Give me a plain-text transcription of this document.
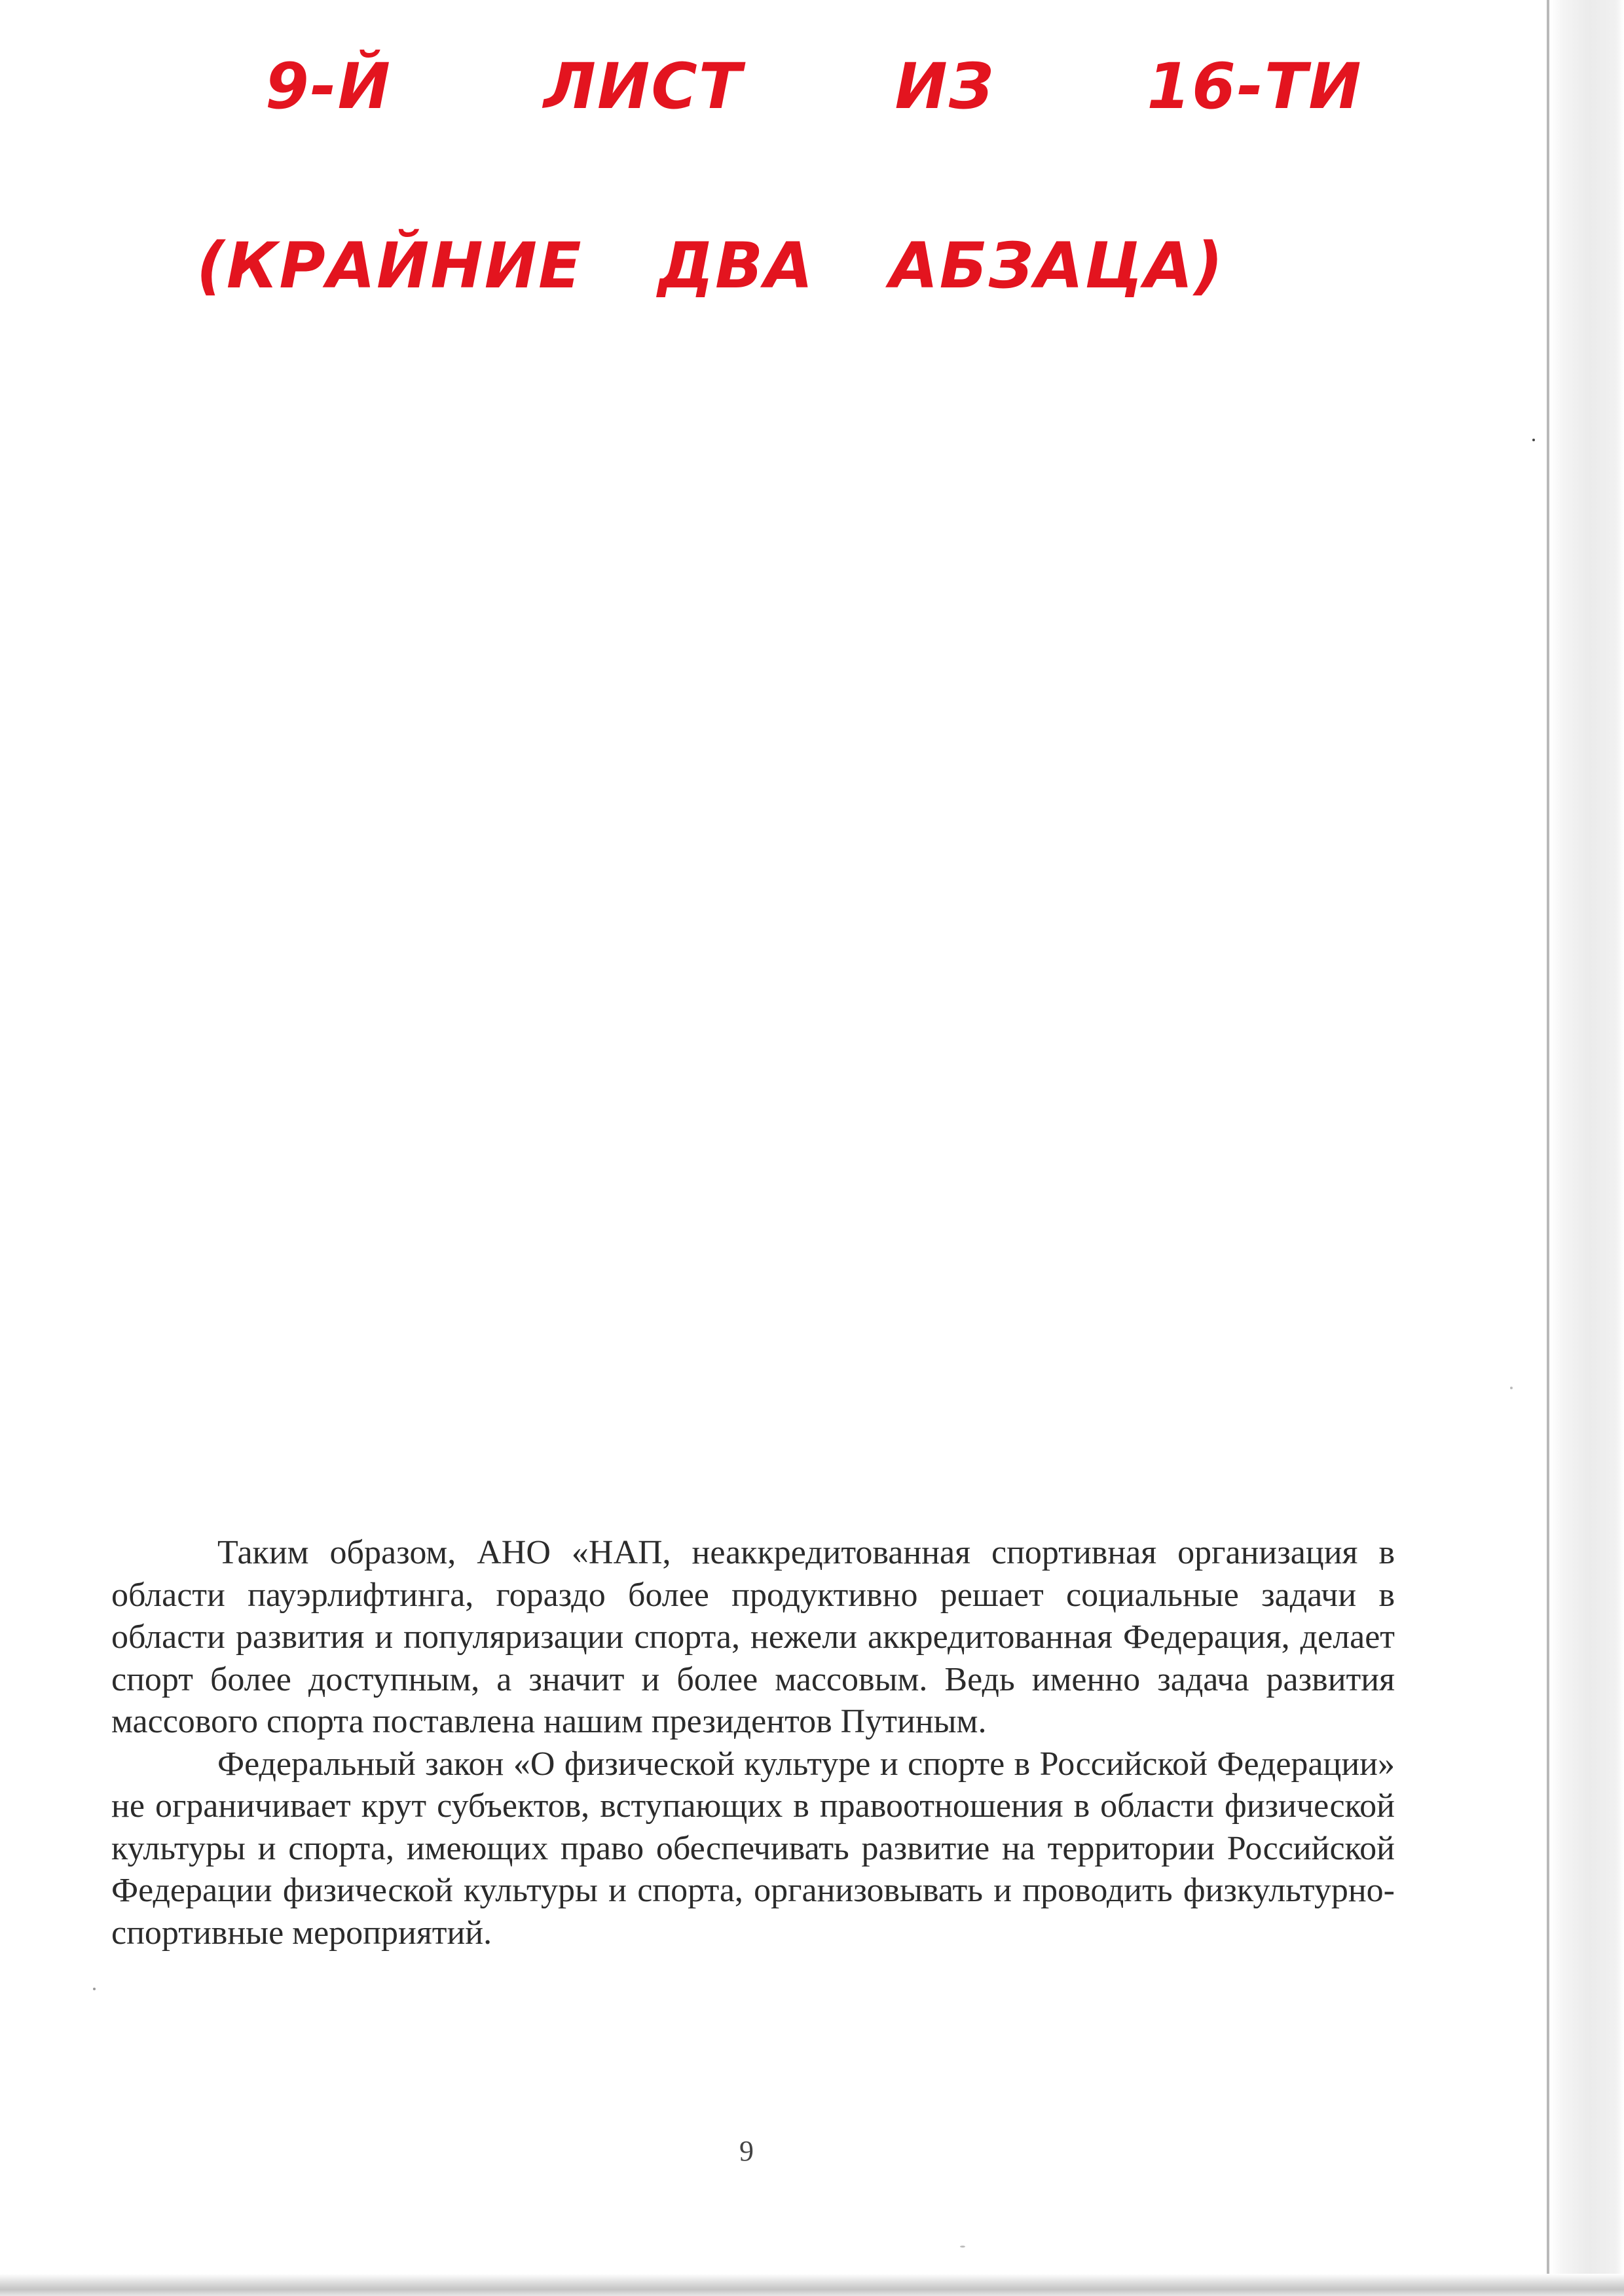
9-Й   ЛИСТ   ИЗ   16-ТИ
(КРАЙНИЕ  ДВА  АБЗАЦА)

Таким образом, АНО «НАП, неаккредитованная спортивная организация в области пауэрлифтинга, гораздо более продуктивно решает социальные задачи в области развития и популяризации спорта, нежели аккредитованная Федерация, делает спорт более доступным, а значит и более массовым. Ведь именно задача развития массового спорта поставлена нашим президентов Путиным.

Федеральный закон «О физической культуре и спорте в Российской Федерации» не ограничивает крут субъектов, вступающих в правоотношения в области физической культуры и спорта, имеющих право обеспечивать развитие на территории Российской Федерации физической культуры и спорта, организовывать и проводить физкультурно-спортивные мероприятий.

9
